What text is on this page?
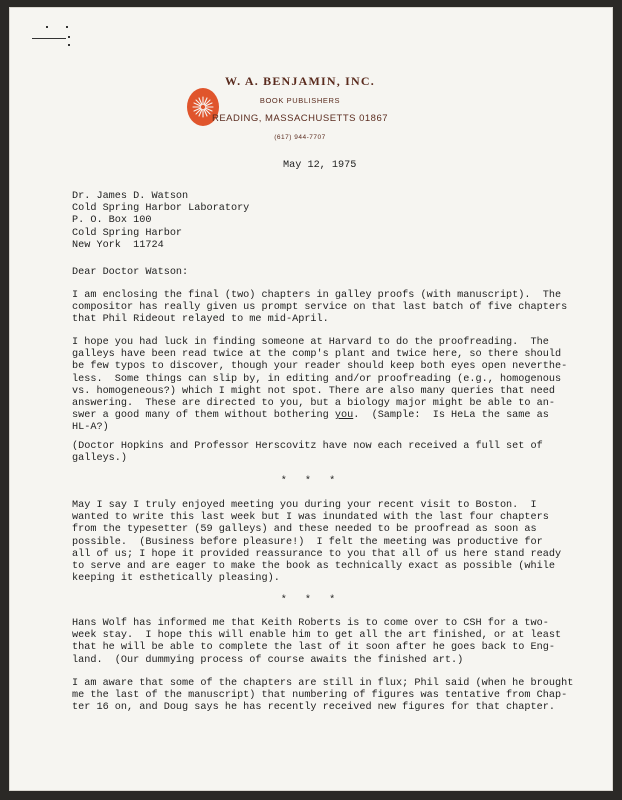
W. A. BENJAMIN, INC.
BOOK PUBLISHERS
READING, MASSACHUSETTS 01867
(617) 944-7707
May 12, 1975
Dr. James D. Watson
Cold Spring Harbor Laboratory
P. O. Box 100
Cold Spring Harbor
New York  11724
Dear Doctor Watson:
I am enclosing the final (two) chapters in galley proofs (with manuscript).  The
compositor has really given us prompt service on that last batch of five chapters
that Phil Rideout relayed to me mid-April.
I hope you had luck in finding someone at Harvard to do the proofreading.  The
galleys have been read twice at the comp's plant and twice here, so there should
be few typos to discover, though your reader should keep both eyes open neverthe-
less.  Some things can slip by, in editing and/or proofreading (e.g., homogenous
vs. homogeneous?) which I might not spot. There are also many queries that need
answering.  These are directed to you, but a biology major might be able to an-
swer a good many of them without bothering you.  (Sample:  Is HeLa the same as
HL-A?)
(Doctor Hopkins and Professor Herscovitz have now each received a full set of
galleys.)
* * *
May I say I truly enjoyed meeting you during your recent visit to Boston.  I
wanted to write this last week but I was inundated with the last four chapters
from the typesetter (59 galleys) and these needed to be proofread as soon as
possible.  (Business before pleasure!)  I felt the meeting was productive for
all of us; I hope it provided reassurance to you that all of us here stand ready
to serve and are eager to make the book as technically exact as possible (while
keeping it esthetically pleasing).
* * *
Hans Wolf has informed me that Keith Roberts is to come over to CSH for a two-
week stay.  I hope this will enable him to get all the art finished, or at least
that he will be able to complete the last of it soon after he goes back to Eng-
land.  (Our dummying process of course awaits the finished art.)
I am aware that some of the chapters are still in flux; Phil said (when he brought
me the last of the manuscript) that numbering of figures was tentative from Chap-
ter 16 on, and Doug says he has recently received new figures for that chapter.
